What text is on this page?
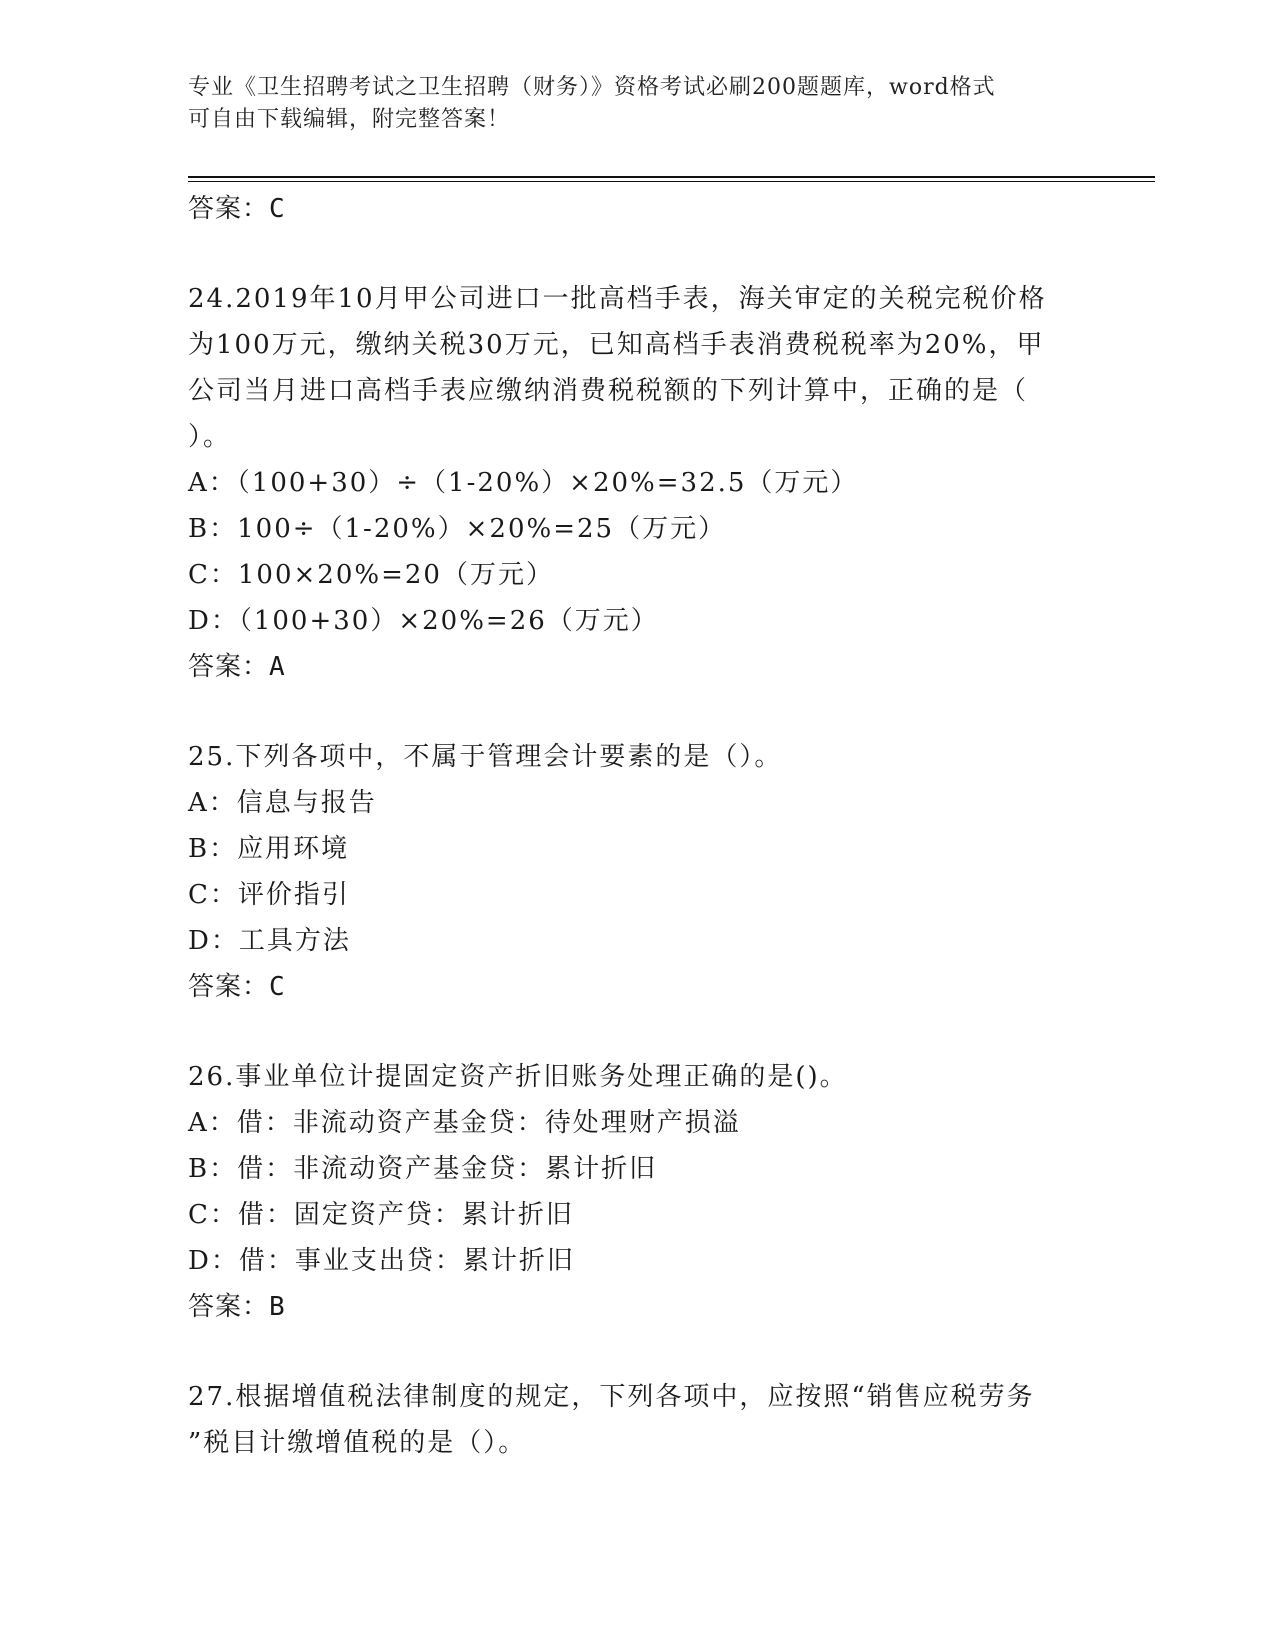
专业《卫生招聘考试之卫生招聘（财务）》资格考试必刷200题题库，word格式
可自由下载编辑，附完整答案！
答案：C
24.2019年10月甲公司进口一批高档手表，海关审定的关税完税价格
为100万元，缴纳关税30万元，已知高档手表消费税税率为20%，甲
公司当月进口高档手表应缴纳消费税税额的下列计算中，正确的是（
）。
A：（100+30）÷（1-20%）×20%=32.5（万元）
B：100÷（1-20%）×20%=25（万元）
C：100×20%=20（万元）
D：（100+30）×20%=26（万元）
答案：A
25.下列各项中，不属于管理会计要素的是（）。
A：信息与报告
B：应用环境
C：评价指引
D：工具方法
答案：C
26.事业单位计提固定资产折旧账务处理正确的是()。
A：借：非流动资产基金贷：待处理财产损溢
B：借：非流动资产基金贷：累计折旧
C：借：固定资产贷：累计折旧
D：借：事业支出贷：累计折旧
答案：B
27.根据增值税法律制度的规定，下列各项中，应按照“销售应税劳务
”税目计缴增值税的是（）。
